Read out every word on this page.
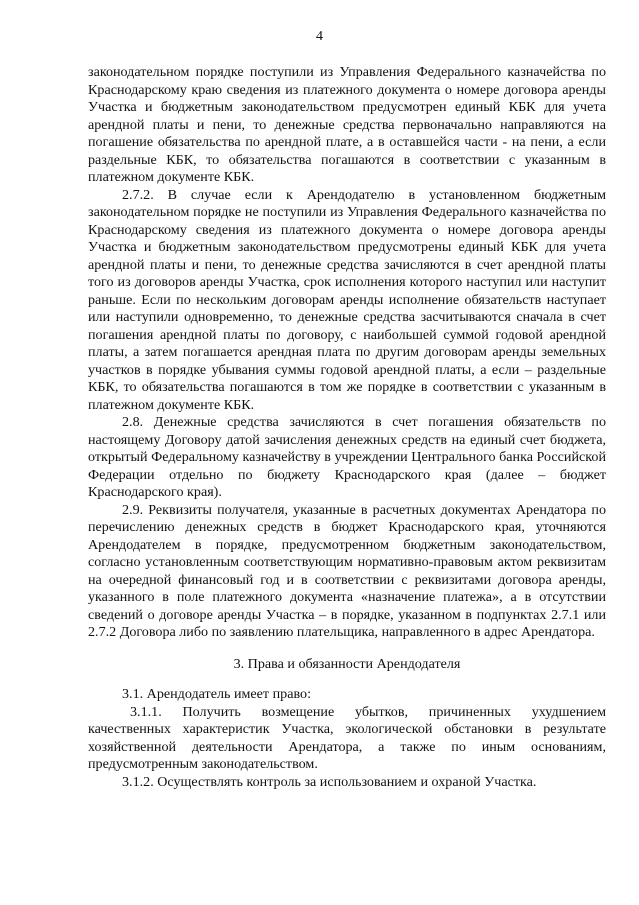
4

законодательном порядке поступили из Управления Федерального казначейства по Краснодарскому краю сведения из платежного документа о номере договора аренды Участка и бюджетным законодательством предусмотрен единый КБК для учета арендной платы и пени, то денежные средства первоначально направляются на погашение обязательства по арендной плате, а в оставшейся части - на пени, а если раздельные КБК, то обязательства погашаются в соответствии с указанным в платежном документе КБК.

2.7.2. В случае если к Арендодателю в установленном бюджетным законодательном порядке не поступили из Управления Федерального казначейства по Краснодарскому сведения из платежного документа о номере договора аренды Участка и бюджетным законодательством предусмотрены единый КБК для учета арендной платы и пени, то денежные средства зачисляются в счет арендной платы того из договоров аренды Участка, срок исполнения которого наступил или наступит раньше. Если по нескольким договорам аренды исполнение обязательств наступает или наступили одновременно, то денежные средства засчитываются сначала в счет погашения арендной платы по договору, с наибольшей суммой годовой арендной платы, а затем погашается арендная плата по другим договорам аренды земельных участков в порядке убывания суммы годовой арендной платы, а если – раздельные КБК, то обязательства погашаются в том же порядке в соответствии с указанным в платежном документе КБК.

2.8. Денежные средства зачисляются в счет погашения обязательств по настоящему Договору датой зачисления денежных средств на единый счет бюджета, открытый Федеральному казначейству в учреждении Центрального банка Российской Федерации отдельно по бюджету Краснодарского края (далее – бюджет Краснодарского края).

2.9. Реквизиты получателя, указанные в расчетных документах Арендатора по перечислению денежных средств в бюджет Краснодарского края, уточняются Арендодателем в порядке, предусмотренном бюджетным законодательством, согласно установленным соответствующим нормативно-правовым актом реквизитам на очередной финансовый год и в соответствии с реквизитами договора аренды, указанного в поле платежного документа «назначение платежа», а в отсутствии сведений о договоре аренды Участка – в порядке, указанном в подпунктах 2.7.1 или 2.7.2 Договора либо по заявлению плательщика, направленного в адрес Арендатора.

3. Права и обязанности Арендодателя

3.1. Арендодатель имеет право:

3.1.1. Получить возмещение убытков, причиненных ухудшением качественных характеристик Участка, экологической обстановки в результате хозяйственной деятельности Арендатора, а также по иным основаниям, предусмотренным законодательством.

3.1.2. Осуществлять контроль за использованием и охраной Участка.
